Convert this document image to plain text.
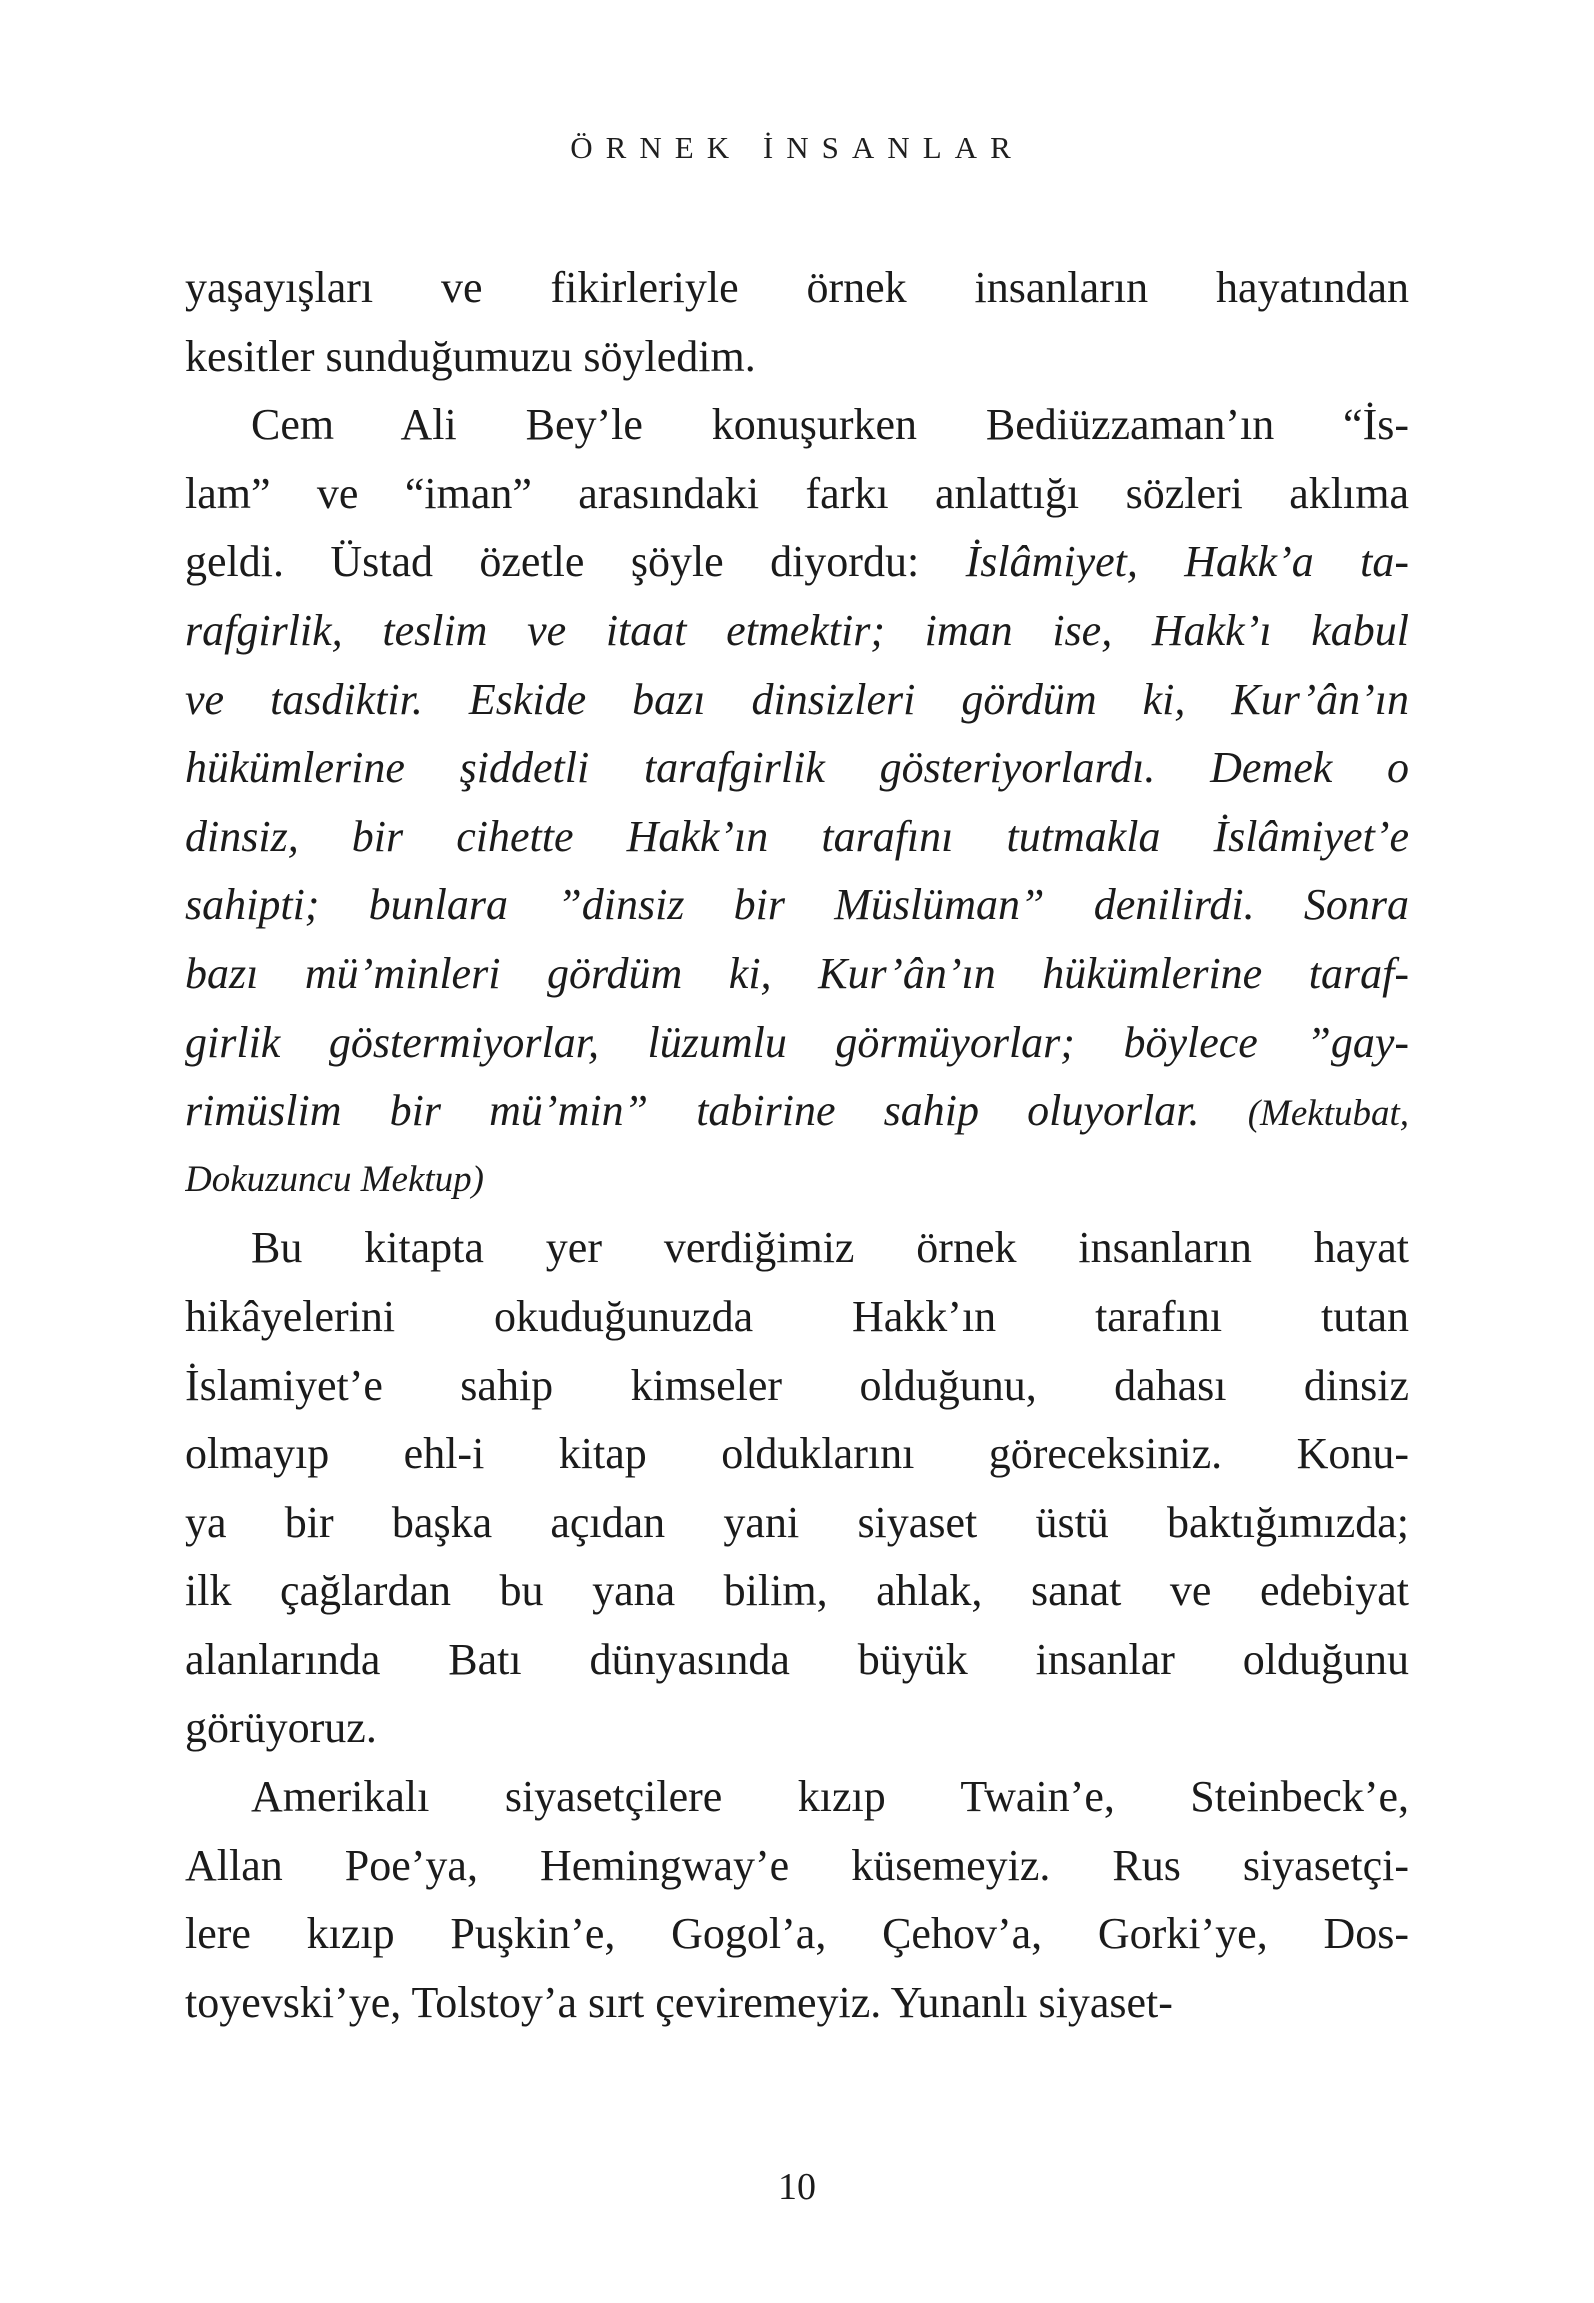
ÖRNEK İNSANLAR
yaşayışları ve fikirleriyle örnek insanların hayatından
kesitler sunduğumuzu söyledim.
Cem Ali Bey’le konuşurken Bediüzzaman’ın “İs-
lam” ve “iman” arasındaki farkı anlattığı sözleri aklıma
geldi. Üstad özetle şöyle diyordu: İslâmiyet, Hakk’a ta-
rafgirlik, teslim ve itaat etmektir; iman ise, Hakk’ı kabul
ve tasdiktir. Eskide bazı dinsizleri gördüm ki, Kur’ân’ın
hükümlerine şiddetli tarafgirlik gösteriyorlardı. Demek o
dinsiz, bir cihette Hakk’ın tarafını tutmakla İslâmiyet’e
sahipti; bunlara ”dinsiz bir Müslüman” denilirdi. Sonra
bazı mü’minleri gördüm ki, Kur’ân’ın hükümlerine taraf-
girlik göstermiyorlar, lüzumlu görmüyorlar; böylece ”gay-
rimüslim bir mü’min” tabirine sahip oluyorlar. (Mektubat,
Dokuzuncu Mektup)
Bu kitapta yer verdiğimiz örnek insanların hayat
hikâyelerini okuduğunuzda Hakk’ın tarafını tutan
İslamiyet’e sahip kimseler olduğunu, dahası dinsiz
olmayıp ehl-i kitap olduklarını göreceksiniz. Konu-
ya bir başka açıdan yani siyaset üstü baktığımızda;
ilk çağlardan bu yana bilim, ahlak, sanat ve edebiyat
alanlarında Batı dünyasında büyük insanlar olduğunu
görüyoruz.
Amerikalı siyasetçilere kızıp Twain’e, Steinbeck’e,
Allan Poe’ya, Hemingway’e küsemeyiz. Rus siyasetçi-
lere kızıp Puşkin’e, Gogol’a, Çehov’a, Gorki’ye, Dos-
toyevski’ye, Tolstoy’a sırt çeviremeyiz. Yunanlı siyaset-
10
